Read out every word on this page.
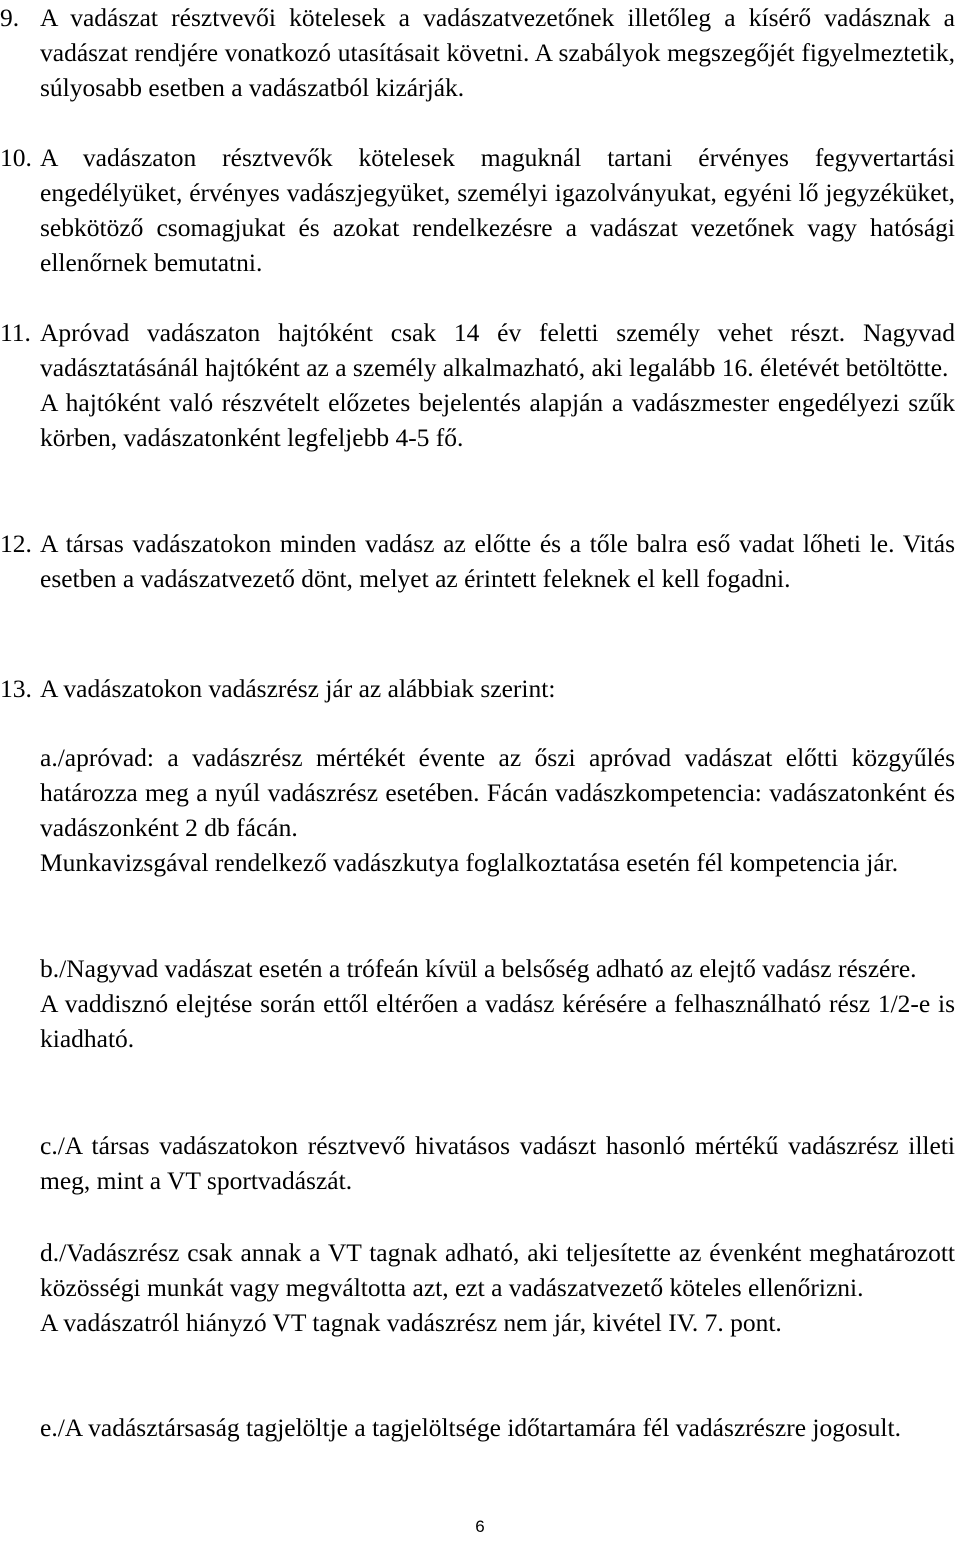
9. A vadászat résztvevői kötelesek a vadászatvezetőnek illetőleg a kísérő vadásznak a vadászat rendjére vonatkozó utasításait követni. A szabályok megszegőjét figyelmeztetik, súlyosabb esetben a vadászatból kizárják.

10. A vadászaton résztvevők kötelesek maguknál tartani érvényes fegyvertartási engedélyüket, érvényes vadászjegyüket, személyi igazolványukat, egyéni lő jegyzéküket, sebkötöző csomagjukat és azokat rendelkezésre a vadászat vezetőnek vagy hatósági ellenőrnek bemutatni.

11. Apróvad vadászaton hajtóként csak 14 év feletti személy vehet részt. Nagyvad vadásztatásánál hajtóként az a személy alkalmazható, aki legalább 16. életévét betöltötte.

A hajtóként való részvételt előzetes bejelentés alapján a vadászmester engedélyezi szűk körben, vadászatonként legfeljebb 4-5 fő.

12. A társas vadászatokon minden vadász az előtte és a tőle balra eső vadat lőheti le. Vitás esetben a vadászatvezető dönt, melyet az érintett feleknek el kell fogadni.

13. A vadászatokon vadászrész jár az alábbiak szerint:

a./apróvad: a vadászrész mértékét évente az őszi apróvad vadászat előtti közgyűlés határozza meg a nyúl vadászrész esetében. Fácán vadászkompetencia: vadászatonként és vadászonként 2 db fácán.

Munkavizsgával rendelkező vadászkutya foglalkoztatása esetén fél kompetencia jár.

b./Nagyvad vadászat esetén a trófeán kívül a belsőség adható az elejtő vadász részére.

A vaddisznó elejtése során ettől eltérően a vadász kérésére a felhasználható rész 1/2-e is kiadható.

c./A társas vadászatokon résztvevő hivatásos vadászt hasonló mértékű vadászrész illeti meg, mint a VT sportvadászát.

d./Vadászrész csak annak a VT tagnak adható, aki teljesítette az évenként meghatározott közösségi munkát vagy megváltotta azt, ezt a vadászatvezető köteles ellenőrizni.

A vadászatról hiányzó VT tagnak vadászrész nem jár, kivétel IV. 7. pont.

e./A vadásztársaság tagjelöltje a tagjelöltsége időtartamára fél vadászrészre jogosult.

6
